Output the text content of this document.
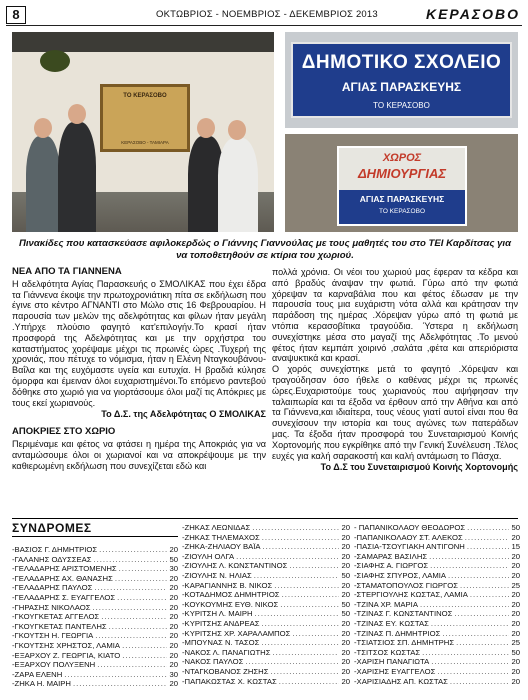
8	ΟΚΤΩΒΡΙΟΣ - ΝΟΕΜΒΡΙΟΣ - ΔΕΚΕΜΒΡΙΟΣ 2013	ΚΕΡΑΣΟΒΟ
ΤΟ ΚΕΡΑΣΟΒΟ
ΚΕΡΑΣΟΒΟ - ΤΑΜΙΑΡΑ
ΔΗΜΟΤΙΚΟ ΣΧΟΛΕΙΟ
ΑΓΙΑΣ ΠΑΡΑΣΚΕΥΗΣ
ΤΟ ΚΕΡΑΣΟΒΟ
ΧΩΡΟΣ
ΔΗΜΙΟΥΡΓΙΑΣ
ΑΓΙΑΣ ΠΑΡΑΣΚΕΥΗΣ
ΤΟ ΚΕΡΑΣΟΒΟ
Πινακίδες που κατασκεύασε αφιλοκερδώς ο Γιάννης Γιαννούλας με τους μαθητές του στο ΤΕΙ Καρδίτσας για να τοποθετηθούν σε κτίρια του χωριού.
ΝΕΑ ΑΠΟ ΤΑ ΓΙΑΝΝΕΝΑ
Η αδελφότητα Αγίας Παρασκευής ο ΣΜΟΛΙΚΑΣ που έχει έδρα τα Γιάννενα έκοψε την πρωτοχρονιάτικη πίτα σε εκδήλωση που έγινε στο κέντρο ΑΓΝΑΝΤΙ στο Μώλο στις 16 Φεβρουαρίου. Η παρουσία των μελών της αδελφότητας και φίλων ήταν μεγάλη .Υπήρχε πλούσιο φαγητό κατ'επιλογήν.Το κρασί ήταν προσφορά της Αδελφότητας και με την ορχήστρα του καταστήματος χορέψαμε μέχρι τις πρωινές ώρες .Τυχερή της χρονιάς, που πέτυχε το νόμισμα, ήταν η Ελένη Νταγκουβάνου- Βαΐλα και της ευχόμαστε υγεία και ευτυχία. Η βραδιά κύλησε όμορφα και έμειναν όλοι ευχαριστημένοι.Το επόμενο ραντεβού δόθηκε στο χωριό για να γιορτάσουμε όλοι μαζί τις Απόκριες με τους εκεί χωριανούς.
Το Δ.Σ. της Αδελφότητας Ο ΣΜΟΛΙΚΑΣ
ΑΠΟΚΡΙΕΣ ΣΤΟ ΧΩΡΙΟ
Περιμέναμε και φέτος να φτάσει η ημέρα της Αποκριάς για να ανταμώσουμε όλοι οι χωριανοί και να αποκρέψουμε με την καθιερωμένη εκδήλωση που συνεχίζεται εδώ και
πολλά χρόνια. Οι νέοι του χωριού μας έφεραν τα κέδρα και από βραδύς άναψαν την φωτιά. Γύρω από την φωτιά χόρεψαν τα καρναβάλια που και φέτος έδωσαν με την παρουσία τους μια ευχάριστη νότα αλλά και κράτησαν την παράδοση της ημέρας .Χόρεψαν γύρω από τη φωτιά με ντόπια κερασοβίτικα τραγούδια. Ύστερα η εκδήλωση συνεχίστηκε μέσα στο μαγαζί της Αδελφότητας .Το μενού φέτος ήταν κεμπάπ χοιρινό ,σαλάτα ,φέτα και απεριόριστα αναψυκτικά και κρασί.
Ο χορός συνεχίστηκε μετά το φαγητό .Χόρεψαν και τραγούδησαν όσο ήθελε ο καθένας μέχρι τις πρωινές ώρες.Ευχαριστούμε τους χωριανούς που αψήφησαν την ταλαιπωρία και τα έξοδα να έρθουν από την Αθήνα και από τα Γιάννενα,και ιδιαίτερα, τους νέους γιατί αυτοί είναι που θα συνεχίσουν την ιστορία και τους αγώνες των πατεράδων μας. Τα έξοδα ήταν προσφορά του Συνεταιρισμού Κοινής Χορτονομής που εγκρίθηκε από την Γενική Συνέλευση .Τέλος ευχές για καλή σαρακοστή και καλή αντάμωση το Πάσχα.
Το Δ.Σ του Συνεταιρισμού Κοινής Χορτονομής
ΣΥΝΔΡΟΜΕΣ
-ΒΑΣΙΟΣ Γ. ΔΗΜΗΤΡΙΟΣ .....	20
-ΓΑΛΑΝΗΣ ΟΔΥΣΣΕΑΣ .....	50
-ΓΕΛΑΔΑΡΗΣ ΑΡΙΣΤΟΜΕΝΗΣ .....	30
-ΓΕΛΑΔΑΡΗΣ ΑΧ. ΘΑΝΑΣΗΣ .....	20
-ΓΕΛΑΔΑΡΗΣ ΠΑΥΛΟΣ .....	20
-ΓΕΛΑΔΑΡΗΣ Σ. ΕΥΑΓΓΕΛΟΣ .....	20
-ΓΗΡΑΣΗΣ ΝΙΚΟΛΑΟΣ .....	20
-ΓΚΟΥΓΚΕΤΑΣ ΑΓΓΕΛΟΣ .....	20
-ΓΚΟΥΓΚΕΤΑΣ ΠΑΝΤΕΛΗΣ .....	20
-ΓΚΟΥΤΣΗ Η. ΓΕΩΡΓΙΑ .....	20
-ΓΚΟΥΤΣΗΣ ΧΡΗΣΤΟΣ, ΛΑΜΙΑ .....	20
-ΕΞΑΡΧΟΥ Ζ. ΓΕΩΡΓΙΑ, ΚΙΑΤΟ .....	20
-ΕΞΑΡΧΟΥ ΠΟΛΥΞΕΝΗ .....	20
-ΖΑΡΑ ΕΛΕΝΗ .....	30
-ΖΗΚΑ Η. ΜΑΙΡΗ .....	20
-ΖΗΚΑΣ ΛΕΩΝΙΔΑΣ .....	20
-ΖΗΚΑΣ ΤΗΛΕΜΑΧΟΣ .....	20
-ΖΗΚΑ-ΖΗΛΙΑΟΥ ΒΑΪΑ .....	20
-ΖΙΟΥΛΗ ΟΛΓΑ .....	20
-ΖΙΟΥΛΗΣ Λ. ΚΩΝΣΤΑΝΤΙΝΟΣ .....	20
-ΖΙΟΥΛΗΣ Ν. ΗΛΙΑΣ .....	50
-ΚΑΡΑΓΙΑΝΝΗΣ Β. ΝΙΚΟΣ .....	20
-ΚΟΤΑΔΗΜΟΣ ΔΗΜΗΤΡΙΟΣ .....	20
-ΚΟΥΚΟΥΜΗΣ ΕΥΘ. ΝΙΚΟΣ .....	50
-ΚΥΡΙΤΣΗ Λ. ΜΑΙΡΗ .....	50
-ΚΥΡΙΤΣΗΣ ΑΝΔΡΕΑΣ .....	20
-ΚΥΡΙΤΣΗΣ ΧΡ. ΧΑΡΑΛΑΜΠΟΣ .....	20
-ΜΠΟΥΝΑΣ Ν. ΤΑΣΟΣ .....	20
-ΝΑΚΟΣ Λ. ΠΑΝΑΓΙΩΤΗΣ .....	20
-ΝΑΚΟΣ ΠΑΥΛΟΣ .....	20
-ΝΤΑΓΚΟΒΑΝΟΣ ΖΗΣΗΣ .....	20
-ΠΑΠΑΚΩΣΤΑΣ Χ. ΚΩΣΤΑΣ .....	20
- ΠΑΠΑΝΙΚΟΛΑΟΥ ΘΕΟΔΩΡΟΣ .....	50
-ΠΑΠΑΝΙΚΟΛΑΟΥ ΣΤ. ΑΛΕΚΟΣ .....	20
-ΠΑΣΙΑ-ΤΣΟΥΓΙΑΚΗ ΑΝΤΙΓΟΝΗ .....	15
-ΣΑΜΑΡΑΣ ΒΑΣΙΛΗΣ .....	20
-ΣΙΑΦΗΣ Α. ΓΙΩΡΓΟΣ .....	20
-ΣΙΑΦΗΣ ΣΠΥΡΟΣ, ΛΑΜΙΑ .....	20
-ΣΤΑΜΑΤΟΠΟΥΛΟΣ ΓΙΩΡΓΟΣ .....	25
-ΣΤΕΡΓΙΟΥΛΗΣ ΚΩΣΤΑΣ, ΛΑΜΙΑ .....	20
-ΤΖΙΝΑ ΧΡ. ΜΑΡΙΑ .....	20
-ΤΖΙΝΑΣ Γ. ΚΩΝΣΤΑΝΤΙΝΟΣ .....	20
-ΤΖΙΝΑΣ ΕΥ. ΚΩΣΤΑΣ .....	20
-ΤΖΙΝΑΣ Π. ΔΗΜΗΤΡΙΟΣ .....	20
-ΤΣΙΑΤΣΙΟΣ ΣΠ. ΔΗΜΗΤΡΗΣ .....	25
-ΤΣΙΤΣΟΣ ΚΩΣΤΑΣ .....	50
-ΧΑΡΙΣΗ ΠΑΝΑΓΙΩΤΑ .....	20
-ΧΑΡΙΣΗΣ ΕΥΑΓΓΕΛΟΣ .....	20
-ΧΑΡΙΣΙΑΔΗΣ ΑΠ. ΚΩΣΤΑΣ .....	20
